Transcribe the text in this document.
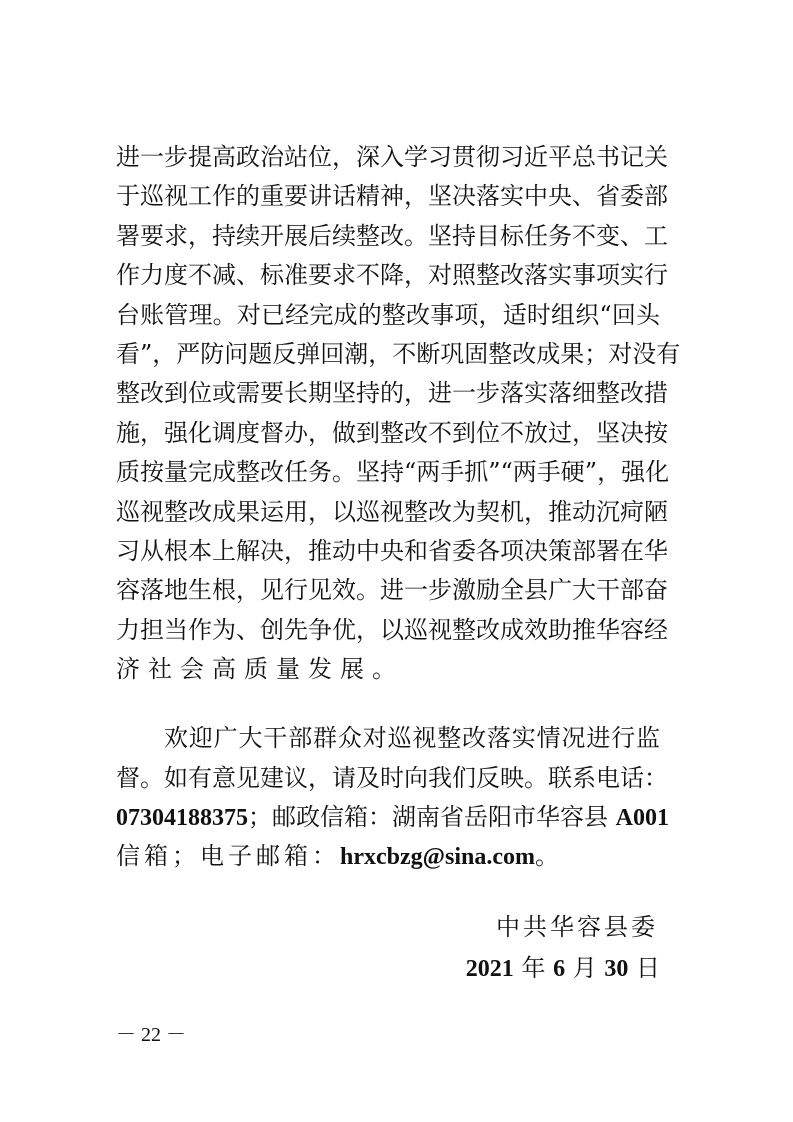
进一步提高政治站位，深入学习贯彻习近平总书记关
于巡视工作的重要讲话精神，坚决落实中央、省委部
署要求，持续开展后续整改。坚持目标任务不变、工
作力度不减、标准要求不降，对照整改落实事项实行
台账管理。对已经完成的整改事项，适时组织“回头
看”，严防问题反弹回潮，不断巩固整改成果；对没有
整改到位或需要长期坚持的，进一步落实落细整改措
施，强化调度督办，做到整改不到位不放过，坚决按
质按量完成整改任务。坚持“两手抓”“两手硬”，强化
巡视整改成果运用，以巡视整改为契机，推动沉疴陋
习从根本上解决，推动中央和省委各项决策部署在华
容落地生根，见行见效。进一步激励全县广大干部奋
力担当作为、创先争优，以巡视整改成效助推华容经
济社会高质量发展。
欢迎广大干部群众对巡视整改落实情况进行监
督。如有意见建议，请及时向我们反映。联系电话：
07304188375；邮政信箱：湖南省岳阳市华容县 A001
信箱；电子邮箱：hrxcbzg@sina.com。
中共华容县委
2021 年 6 月 30 日
－ 22 －
